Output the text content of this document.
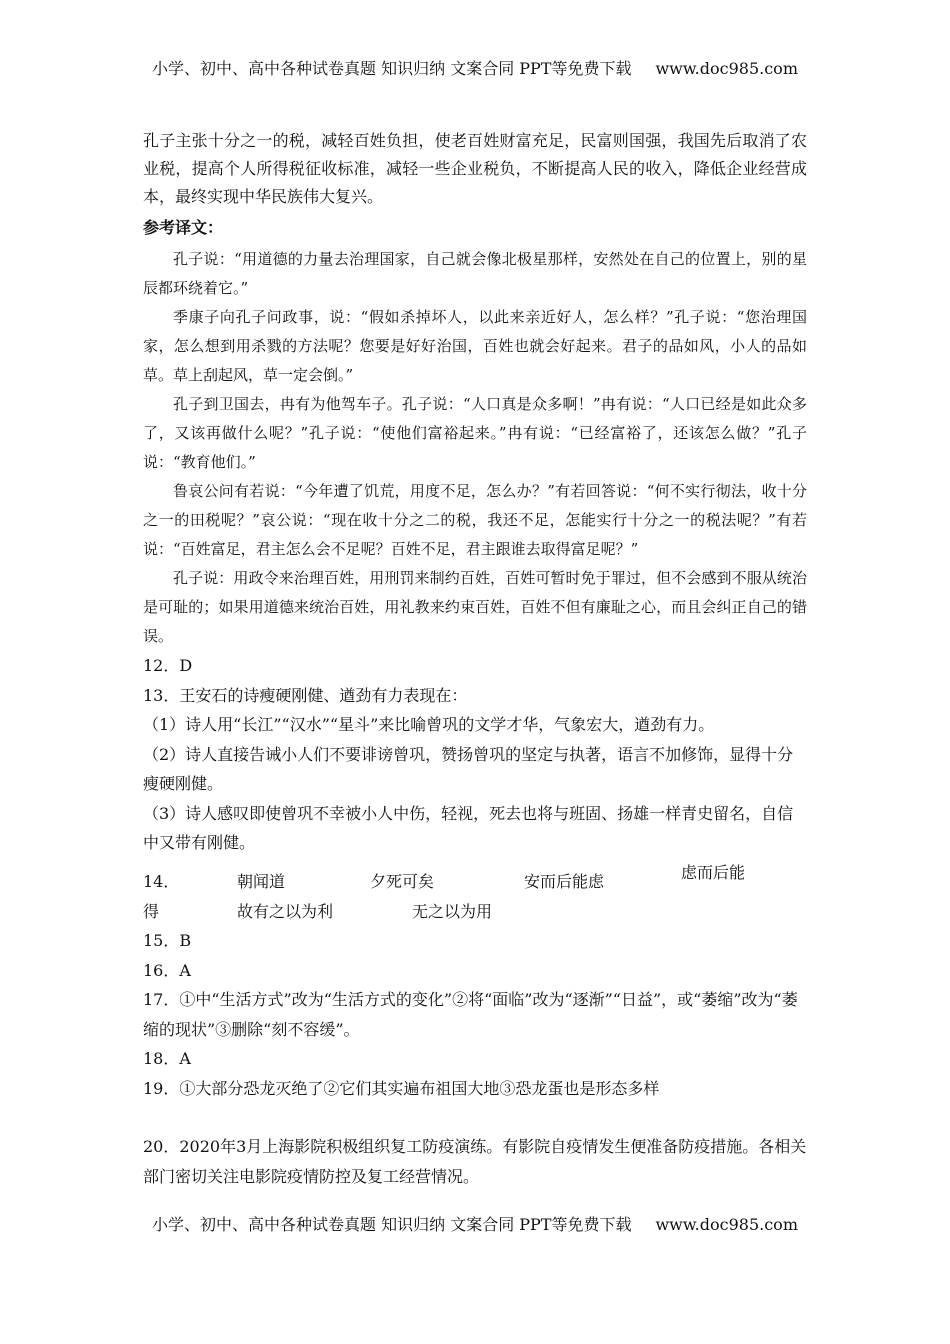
小学、初中、高中各种试卷真题 知识归纳 文案合同 PPT等免费下载 www.doc985.com

孔子主张十分之一的税，减轻百姓负担，使老百姓财富充足，民富则国强，我国先后取消了农业税，提高个人所得税征收标准，减轻一些企业税负，不断提高人民的收入，降低企业经营成本，最终实现中华民族伟大复兴。

参考译文：

孔子说：“用道德的力量去治理国家，自己就会像北极星那样，安然处在自己的位置上，别的星辰都环绕着它。”

季康子向孔子问政事，说：“假如杀掉坏人，以此来亲近好人，怎么样？”孔子说：“您治理国家，怎么想到用杀戮的方法呢？您要是好好治国，百姓也就会好起来。君子的品如风，小人的品如草。草上刮起风，草一定会倒。”

孔子到卫国去，冉有为他驾车子。孔子说：“人口真是众多啊！”冉有说：“人口已经是如此众多了，又该再做什么呢？”孔子说：“使他们富裕起来。”冉有说：“已经富裕了，还该怎么做？”孔子说：“教育他们。”

鲁哀公问有若说：“今年遭了饥荒，用度不足，怎么办？”有若回答说：“何不实行彻法，收十分之一的田税呢？”哀公说：“现在收十分之二的税，我还不足，怎能实行十分之一的税法呢？”有若说：“百姓富足，君主怎么会不足呢？百姓不足，君主跟谁去取得富足呢？”

孔子说：用政令来治理百姓，用刑罚来制约百姓，百姓可暂时免于罪过，但不会感到不服从统治是可耻的；如果用道德来统治百姓，用礼教来约束百姓，百姓不但有廉耻之心，而且会纠正自己的错误。

12．D

13．王安石的诗瘦硬刚健、遒劲有力表现在：

（1）诗人用“长江”“汉水”“星斗”来比喻曾巩的文学才华，气象宏大，遒劲有力。

（2）诗人直接告诫小人们不要诽谤曾巩，赞扬曾巩的坚定与执著，语言不加修饰，显得十分瘦硬刚健。

（3）诗人感叹即使曾巩不幸被小人中伤，轻视，死去也将与班固、扬雄一样青史留名，自信中又带有刚健。

14．	朝闻道	夕死可矣	安而后能虑	虑而后能

得	故有之以为利	无之以为用

15．B

16．A

17．①中“生活方式”改为“生活方式的变化”②将“面临”改为“逐渐”“日益”，或“萎缩”改为“萎缩的现状”③删除“刻不容缓”。

18．A

19．①大部分恐龙灭绝了②它们其实遍布祖国大地③恐龙蛋也是形态多样

20．2020年3月上海影院积极组织复工防疫演练。有影院自疫情发生便准备防疫措施。各相关部门密切关注电影院疫情防控及复工经营情况。

小学、初中、高中各种试卷真题 知识归纳 文案合同 PPT等免费下载 www.doc985.com
